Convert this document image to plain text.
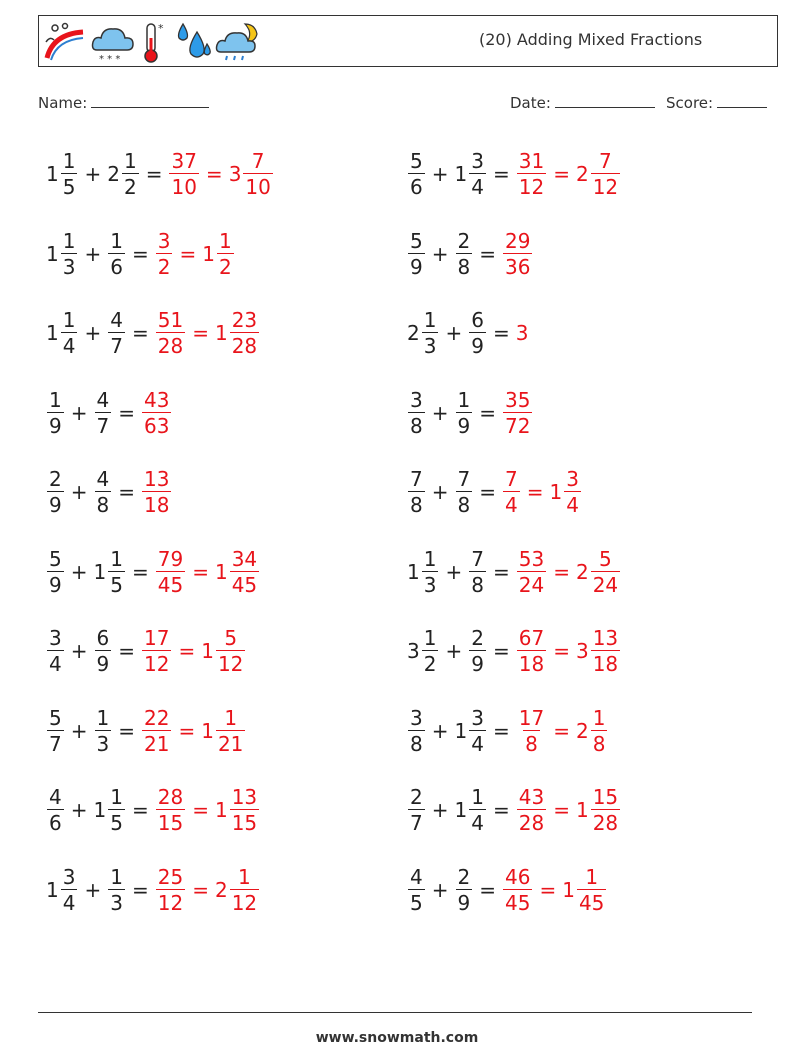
* * *
*
(20) Adding Mixed Fractions
Name:	Date:	Score:
$1 \frac{1}{5} + 2 \frac{1}{2} = \frac{37}{10} = 3 \frac{7}{10}$
$1 \frac{1}{3} + \frac{1}{6} = \frac{3}{2} = 1 \frac{1}{2}$
$1 \frac{1}{4} + \frac{4}{7} = \frac{51}{28} = 1 \frac{23}{28}$
$\frac{1}{9} + \frac{4}{7} = \frac{43}{63}$
$\frac{2}{9} + \frac{4}{8} = \frac{13}{18}$
$\frac{5}{9} + 1 \frac{1}{5} = \frac{79}{45} = 1 \frac{34}{45}$
$\frac{3}{4} + \frac{6}{9} = \frac{17}{12} = 1 \frac{5}{12}$
$\frac{5}{7} + \frac{1}{3} = \frac{22}{21} = 1 \frac{1}{21}$
$\frac{4}{6} + 1 \frac{1}{5} = \frac{28}{15} = 1 \frac{13}{15}$
$1 \frac{3}{4} + \frac{1}{3} = \frac{25}{12} = 2 \frac{1}{12}$
$\frac{5}{6} + 1 \frac{3}{4} = \frac{31}{12} = 2 \frac{7}{12}$
$\frac{5}{9} + \frac{2}{8} = \frac{29}{36}$
$2 \frac{1}{3} + \frac{6}{9} = 3$
$\frac{3}{8} + \frac{1}{9} = \frac{35}{72}$
$\frac{7}{8} + \frac{7}{8} = \frac{7}{4} = 1 \frac{3}{4}$
$1 \frac{1}{3} + \frac{7}{8} = \frac{53}{24} = 2 \frac{5}{24}$
$3 \frac{1}{2} + \frac{2}{9} = \frac{67}{18} = 3 \frac{13}{18}$
$\frac{3}{8} + 1 \frac{3}{4} = \frac{17}{8} = 2 \frac{1}{8}$
$\frac{2}{7} + 1 \frac{1}{4} = \frac{43}{28} = 1 \frac{15}{28}$
$\frac{4}{5} + \frac{2}{9} = \frac{46}{45} = 1 \frac{1}{45}$
www.snowmath.com
